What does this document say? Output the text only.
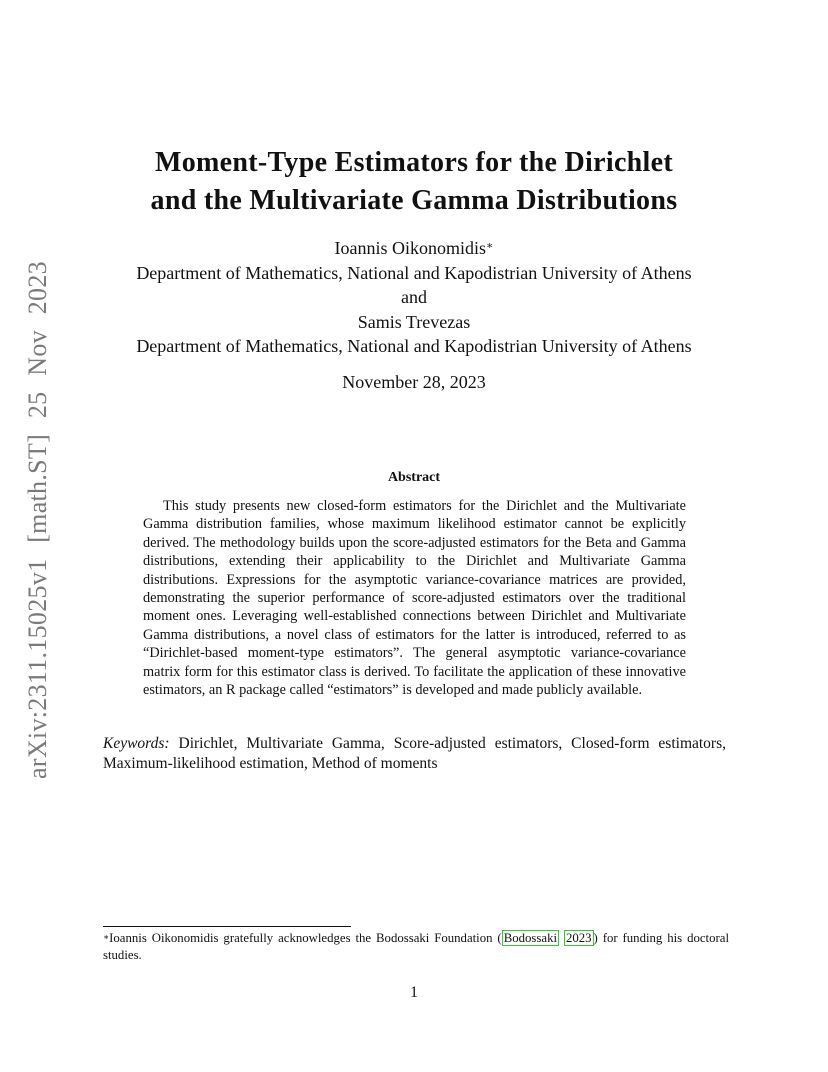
arXiv:2311.15025v1 [math.ST] 25 Nov 2023
Moment-Type Estimators for the Dirichlet
and the Multivariate Gamma Distributions
Ioannis Oikonomidis∗
Department of Mathematics, National and Kapodistrian University of Athens
and
Samis Trevezas
Department of Mathematics, National and Kapodistrian University of Athens
November 28, 2023
Abstract
This study presents new closed-form estimators for the Dirichlet and the Multivariate Gamma distribution families, whose maximum likelihood estimator cannot be explicitly derived. The methodology builds upon the score-adjusted estimators for the Beta and Gamma distributions, extending their applicability to the Dirichlet and Multivariate Gamma distributions. Expressions for the asymptotic variance-covariance matrices are provided, demonstrating the superior performance of score-adjusted estimators over the traditional moment ones. Leveraging well-established connections between Dirichlet and Multivariate Gamma distributions, a novel class of estimators for the latter is introduced, referred to as “Dirichlet-based moment-type estimators”. The general asymptotic variance-covariance matrix form for this estimator class is derived. To facilitate the application of these innovative estimators, an R package called “estimators” is developed and made publicly available.
Keywords: Dirichlet, Multivariate Gamma, Score-adjusted estimators, Closed-form estimators, Maximum-likelihood estimation, Method of moments
∗Ioannis Oikonomidis gratefully acknowledges the Bodossaki Foundation ( Bodossaki 2023 ) for funding his doctoral studies.
1
